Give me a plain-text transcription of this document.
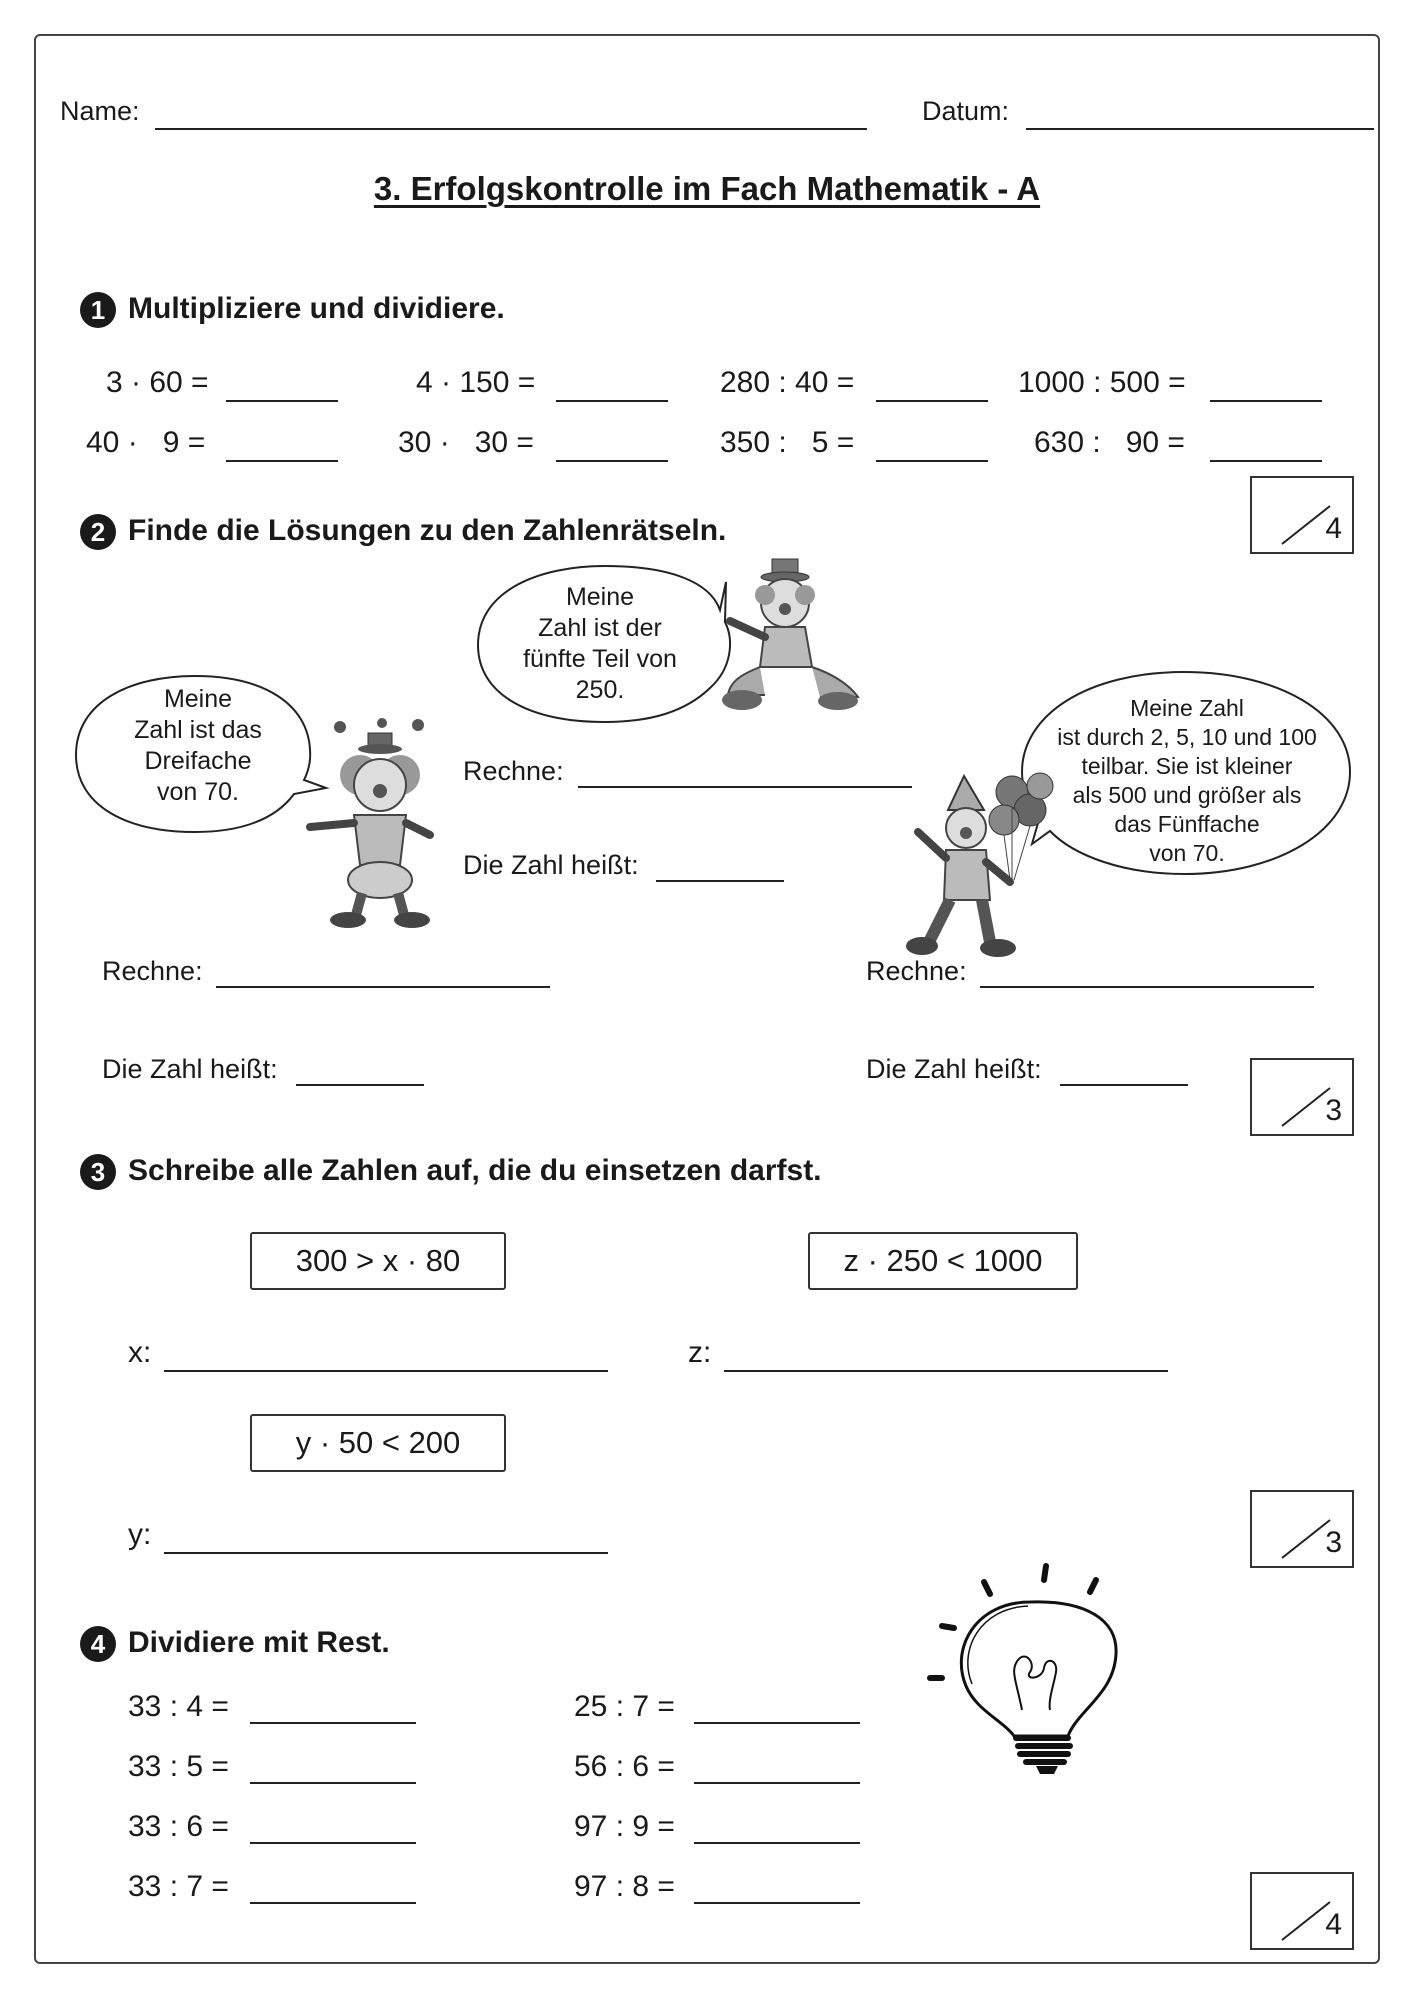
Name:	Datum:
3. Erfolgskontrolle im Fach Mathematik - A
1 Multipliziere und dividiere.
3 · 60 =	4 · 150 =	280 : 40 =	1000 : 500 =
40 ·   9 =	30 ·   30 =	350 :   5 =	630 :   90 =
4
2 Finde die Lösungen zu den Zahlenrätseln.
Meine
Zahl ist der
fünfte Teil von
250.
Meine
Zahl ist das
Dreifache
von 70.
Rechne:
Die Zahl heißt:
Meine Zahl
ist durch 2, 5, 10 und 100
teilbar. Sie ist kleiner
als 500 und größer als
das Fünffache
von 70.
Rechne:	Rechne:
Die Zahl heißt:	Die Zahl heißt:
3
3 Schreibe alle Zahlen auf, die du einsetzen darfst.
300 > x · 80	z · 250 < 1000
x:	z:
y · 50 < 200
y:	3
4 Dividiere mit Rest.
33 : 4 =	25 : 7 =
33 : 5 =	56 : 6 =
33 : 6 =	97 : 9 =
33 : 7 =	97 : 8 =
4
